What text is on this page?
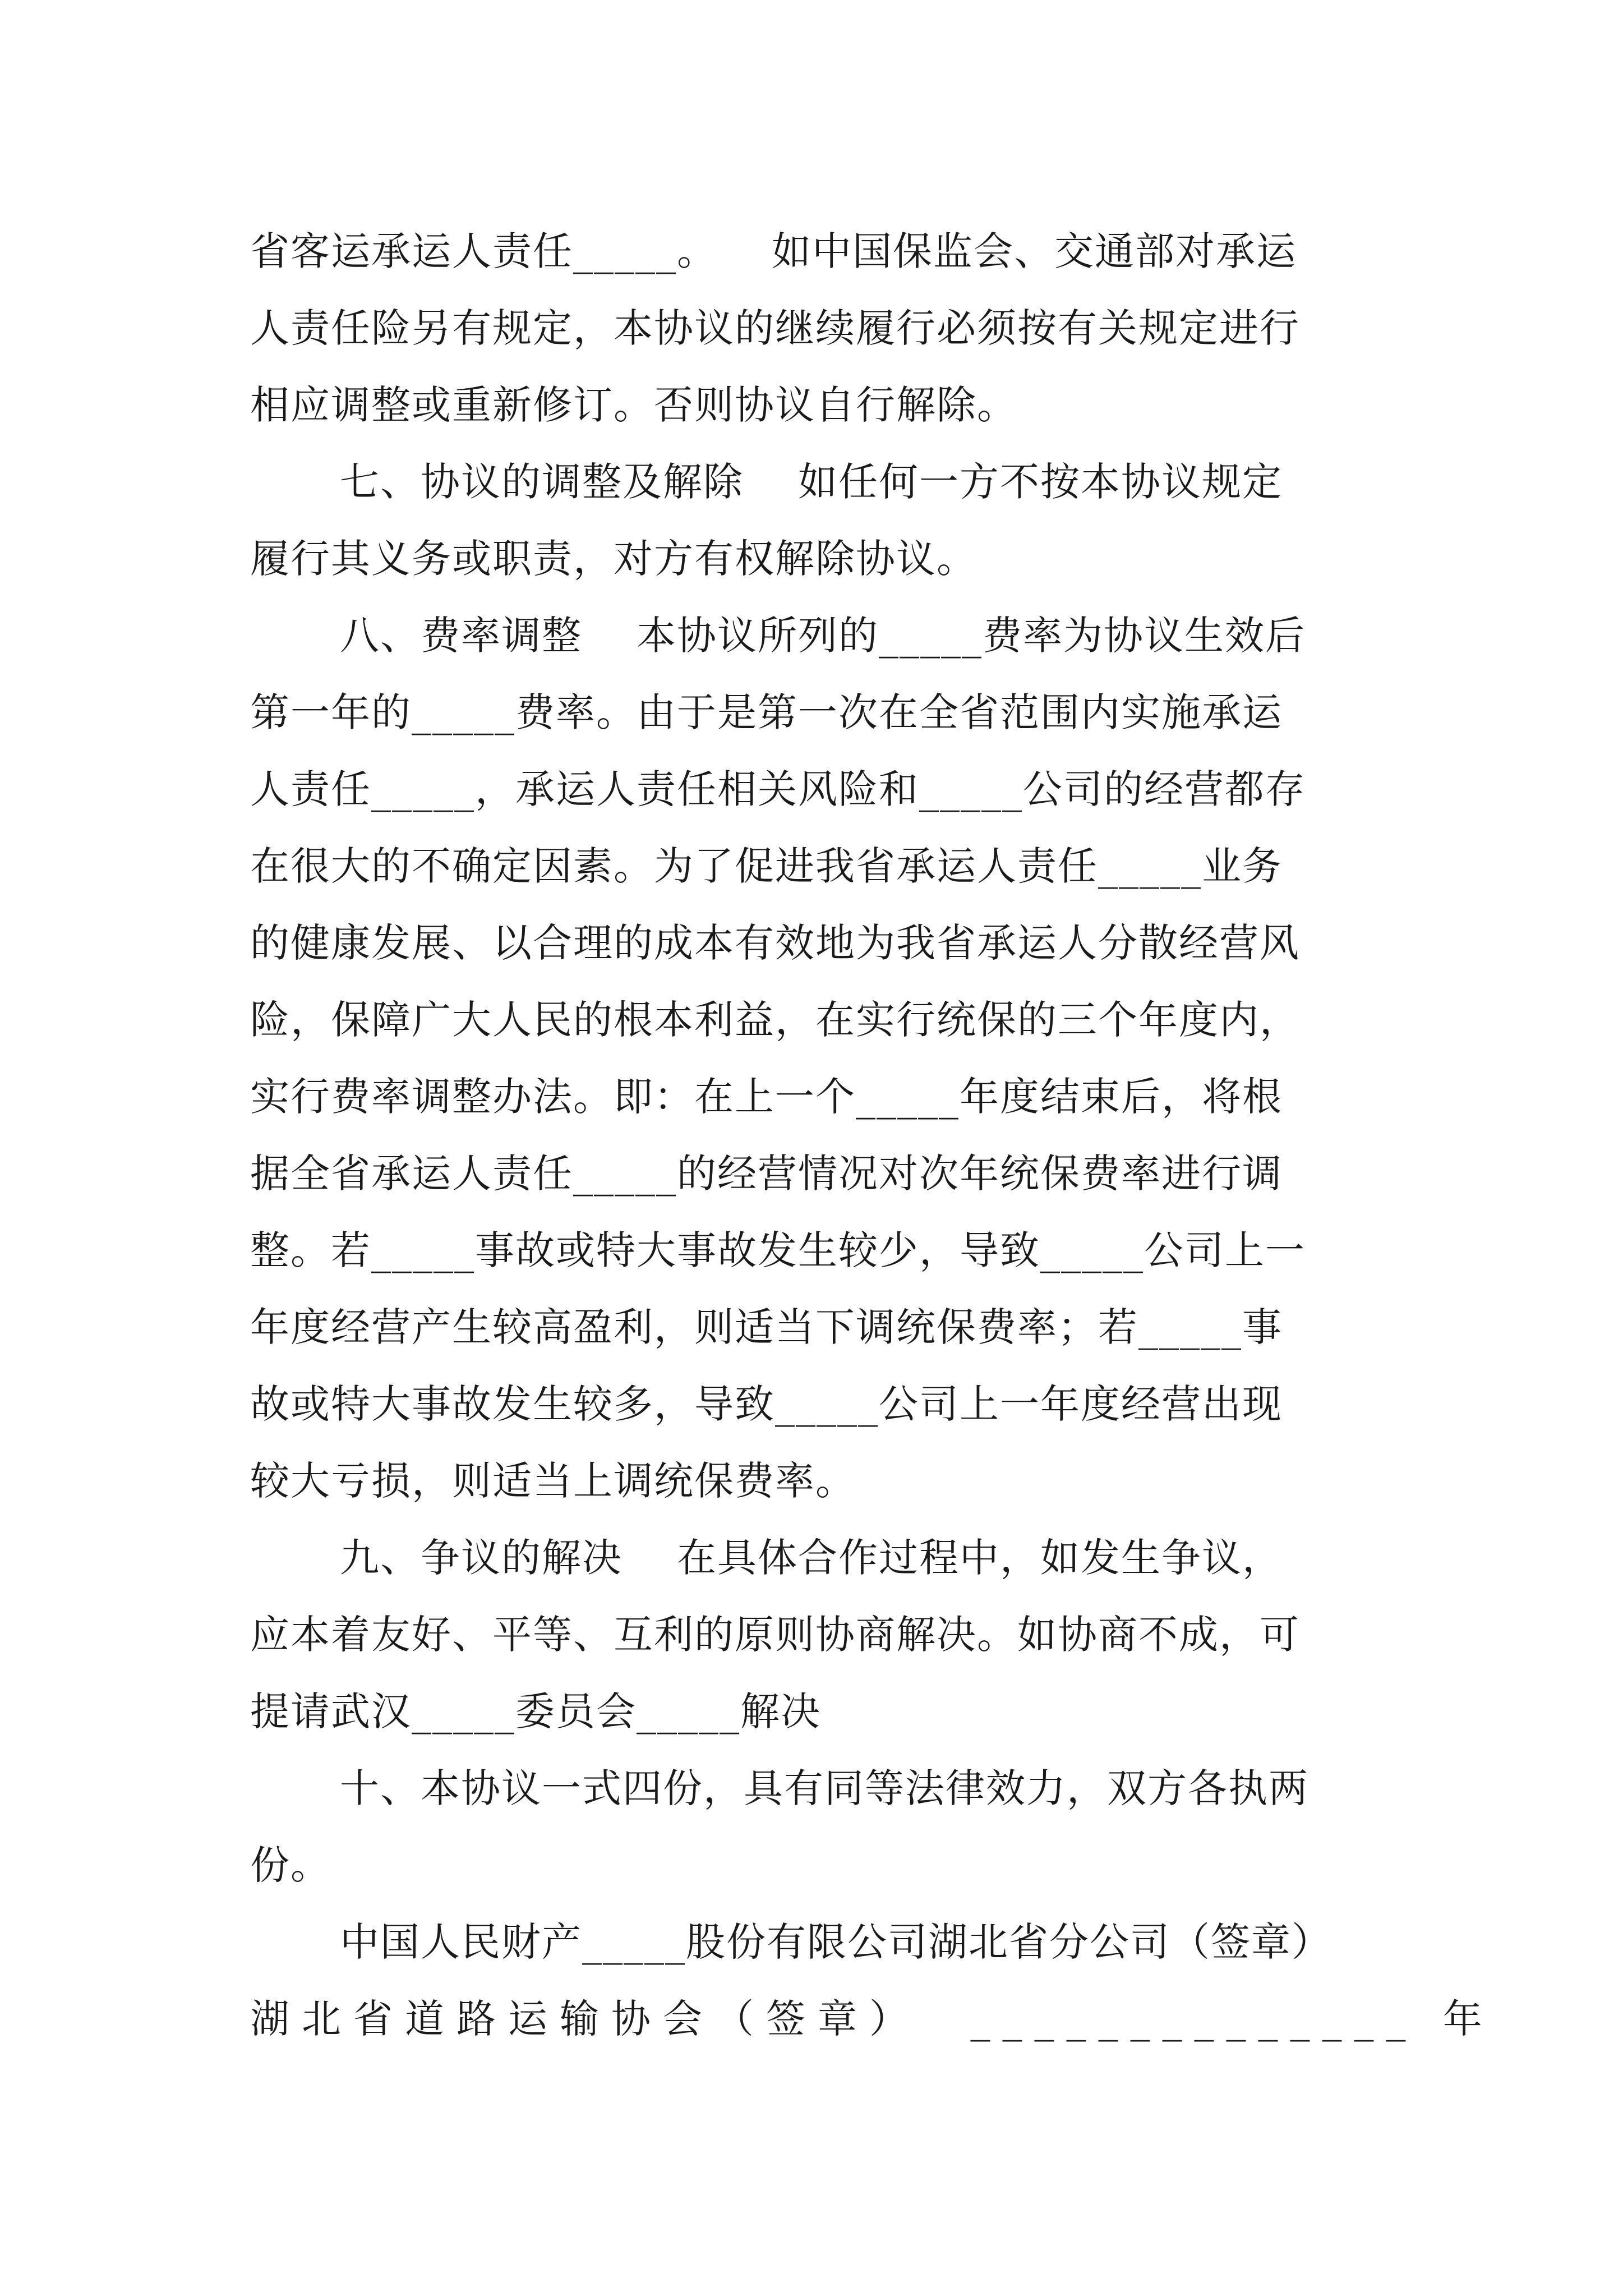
省客运承运人责任_____。    如中国保监会、交通部对承运
人责任险另有规定，本协议的继续履行必须按有关规定进行
相应调整或重新修订。否则协议自行解除。
七、协议的调整及解除    如任何一方不按本协议规定
履行其义务或职责，对方有权解除协议。
八、费率调整    本协议所列的_____费率为协议生效后
第一年的_____费率。由于是第一次在全省范围内实施承运
人责任_____，承运人责任相关风险和_____公司的经营都存
在很大的不确定因素。为了促进我省承运人责任_____业务
的健康发展、以合理的成本有效地为我省承运人分散经营风
险，保障广大人民的根本利益，在实行统保的三个年度内，
实行费率调整办法。即：在上一个_____年度结束后，将根
据全省承运人责任_____的经营情况对次年统保费率进行调
整。若_____事故或特大事故发生较少，导致_____公司上一
年度经营产生较高盈利，则适当下调统保费率；若_____事
故或特大事故发生较多，导致_____公司上一年度经营出现
较大亏损，则适当上调统保费率。
九、争议的解决    在具体合作过程中，如发生争议，
应本着友好、平等、互利的原则协商解决。如协商不成，可
提请武汉_____委员会_____解决
十、本协议一式四份，具有同等法律效力，双方各执两
份。
中国人民财产_____股份有限公司湖北省分公司（签章）
湖北省道路运输协会（签章）  ______________ 年
